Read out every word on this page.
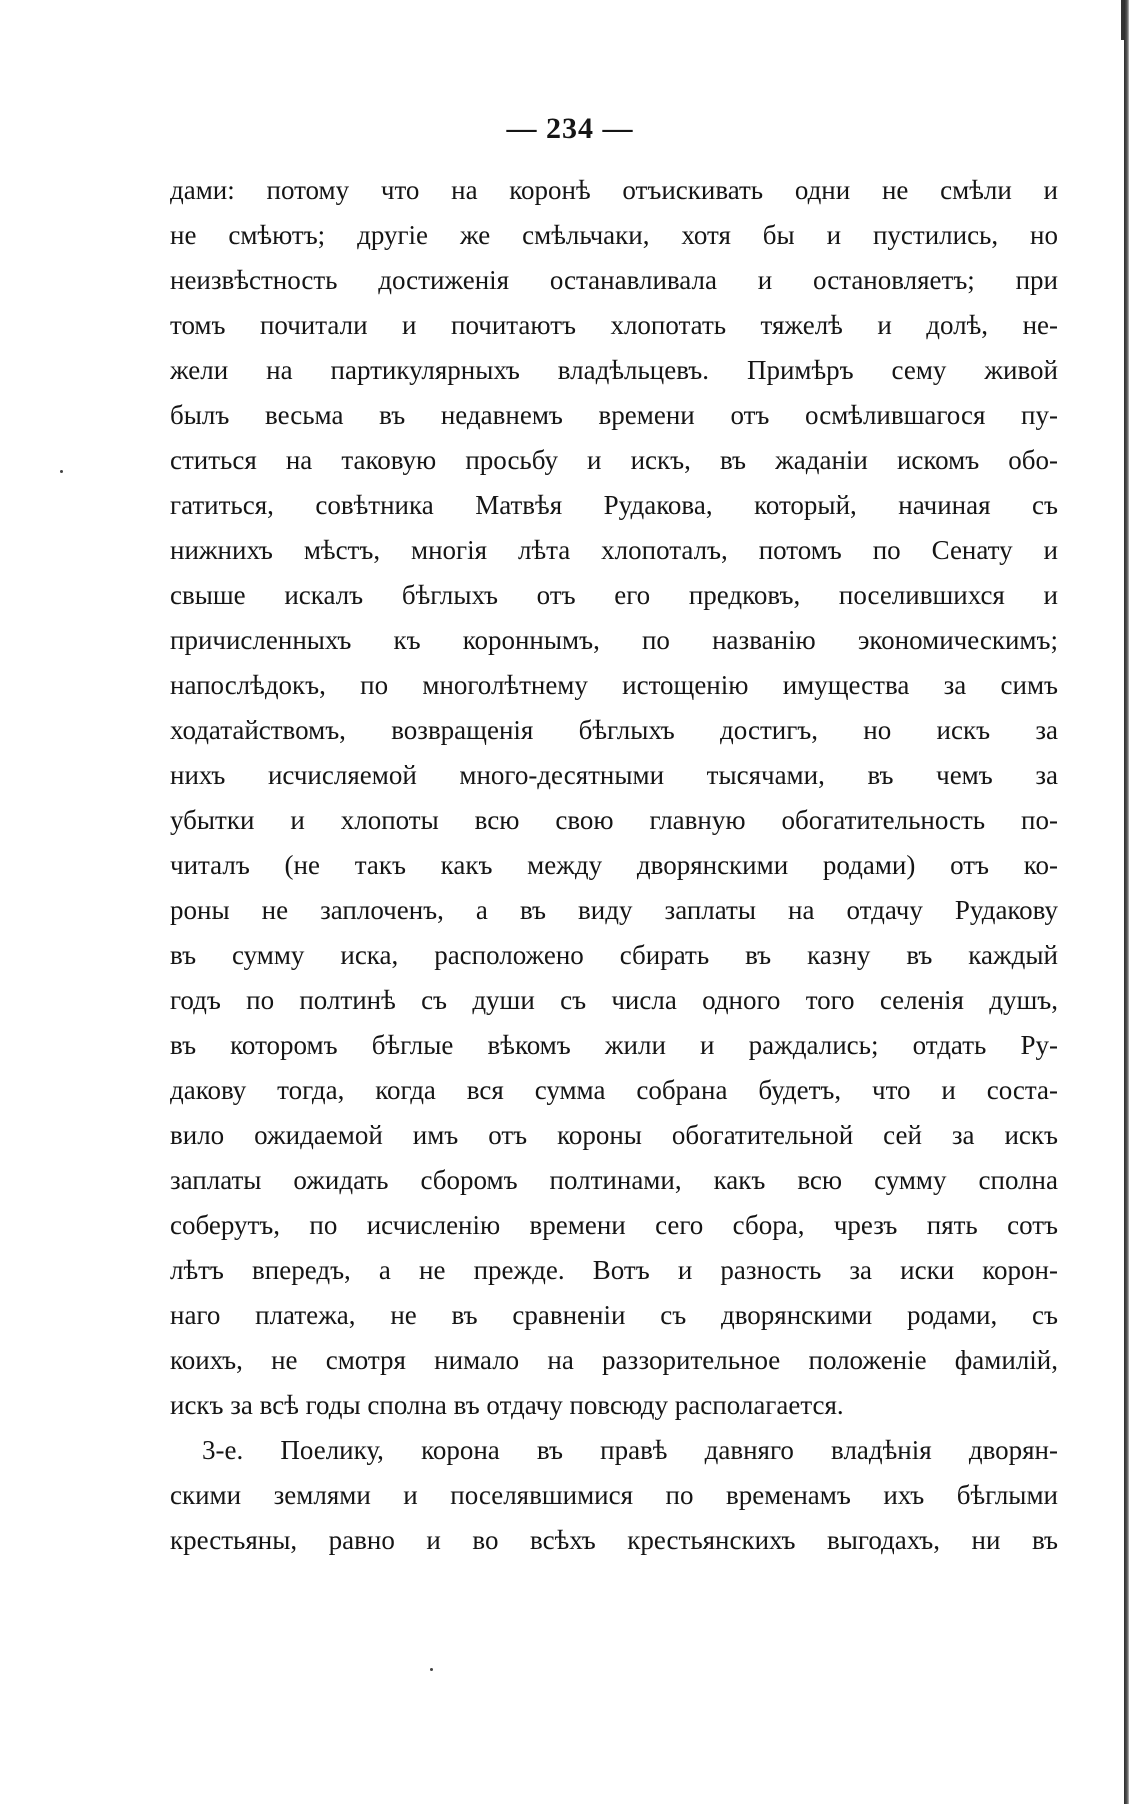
— 234 —
дами: потому что на коронѣ отъискивать одни не смѣли и
не смѣютъ; другіе же смѣльчаки, хотя бы и пустились, но
неизвѣстность достиженія останавливала и остановляетъ; при
томъ почитали и почитаютъ хлопотать тяжелѣ и долѣ, не-
жели на партикулярныхъ владѣльцевъ. Примѣръ сему живой
былъ весьма въ недавнемъ времени отъ осмѣлившагося пу-
ститься на таковую просьбу и искъ, въ жаданіи искомъ обо-
гатиться, совѣтника Матвѣя Рудакова, который, начиная съ
нижнихъ мѣстъ, многія лѣта хлопоталъ, потомъ по Сенату и
свыше искалъ бѣглыхъ отъ его предковъ, поселившихся и
причисленныхъ къ короннымъ, по названію экономическимъ;
напослѣдокъ, по многолѣтнему истощенію имущества за симъ
ходатайствомъ, возвращенія бѣглыхъ достигъ, но искъ за
нихъ исчисляемой много-десятными тысячами, въ чемъ за
убытки и хлопоты всю свою главную обогатительность по-
читалъ (не такъ какъ между дворянскими родами) отъ ко-
роны не заплоченъ, а въ виду заплаты на отдачу Рудакову
въ сумму иска, расположено сбирать въ казну въ каждый
годъ по полтинѣ съ души съ числа одного того селенія душъ,
въ которомъ бѣглые вѣкомъ жили и раждались; отдать Ру-
дакову тогда, когда вся сумма собрана будетъ, что и соста-
вило ожидаемой имъ отъ короны обогатительной сей за искъ
заплаты ожидать сборомъ полтинами, какъ всю сумму сполна
соберутъ, по исчисленію времени сего сбора, чрезъ пять сотъ
лѣтъ впередъ, а не прежде. Вотъ и разность за иски корон-
наго платежа, не въ сравненіи съ дворянскими родами, съ
коихъ, не смотря нимало на раззорительное положеніе фамилій,
искъ за всѣ годы сполна въ отдачу повсюду располагается.
3-е. Поелику, корона въ правѣ давняго владѣнія дворян-
скими землями и поселявшимися по временамъ ихъ бѣглыми
крестьяны, равно и во всѣхъ крестьянскихъ выгодахъ, ни въ
